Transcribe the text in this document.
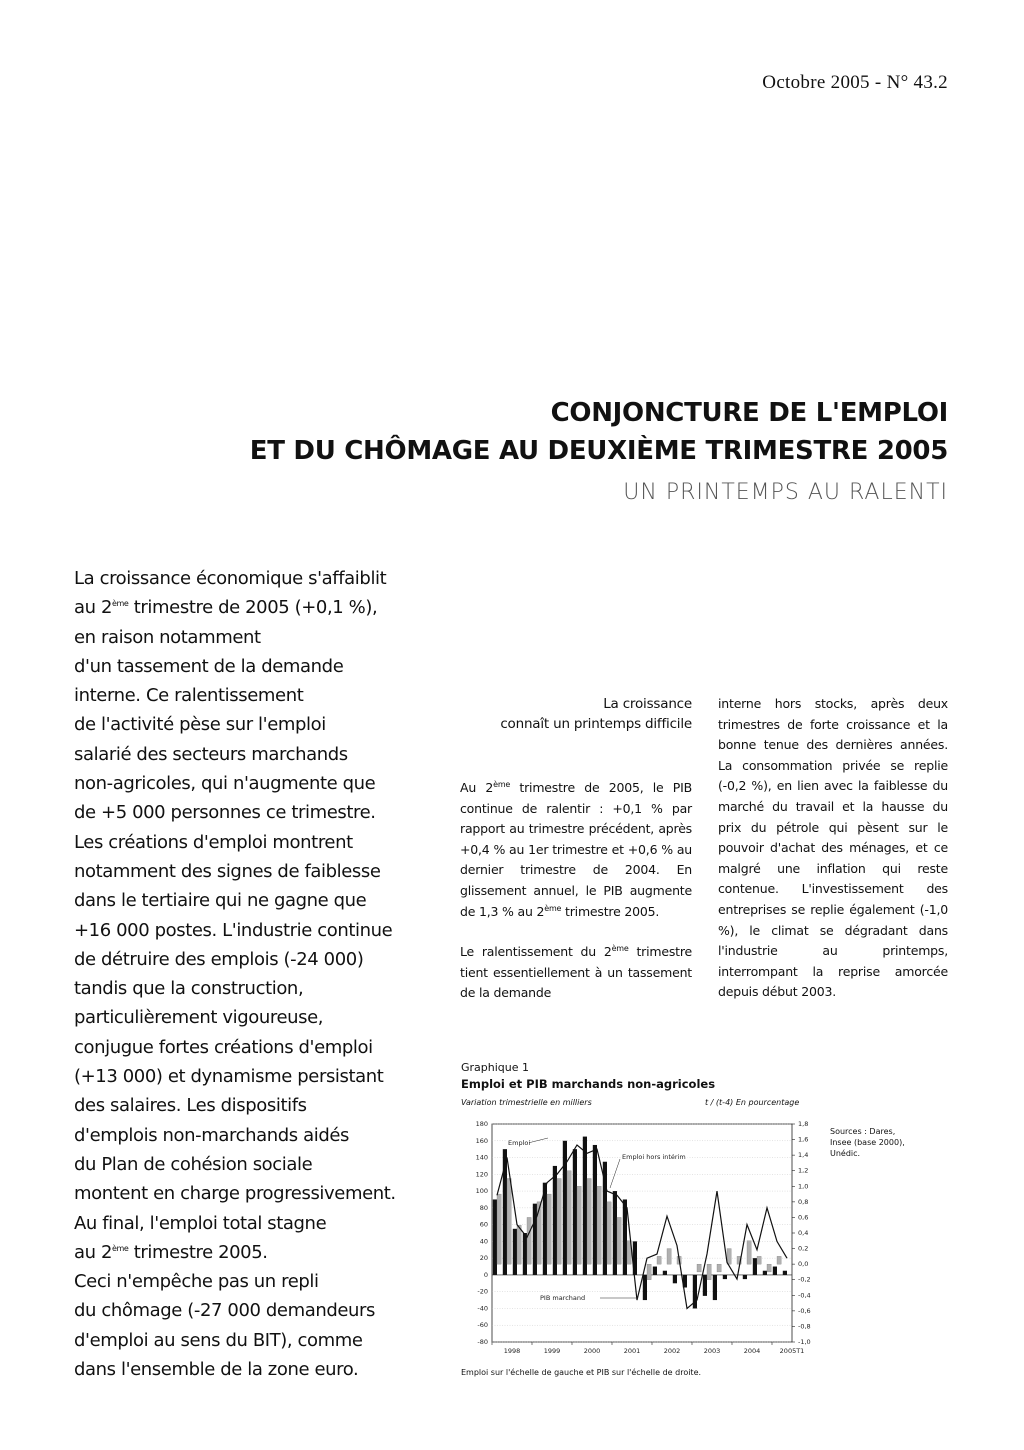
Octobre 2005 - N° 43.2
CONJONCTURE DE L'EMPLOI
ET DU CHÔMAGE AU DEUXIÈME TRIMESTRE 2005
UN PRINTEMPS AU RALENTI
La croissance économique s'affaiblit
au 2ème trimestre de 2005 (+0,1 %),
en raison notamment
d'un tassement de la demande
interne. Ce ralentissement
de l'activité pèse sur l'emploi
salarié des secteurs marchands
non-agricoles, qui n'augmente que
de +5 000 personnes ce trimestre.
Les créations d'emploi montrent
notamment des signes de faiblesse
dans le tertiaire qui ne gagne que
+16 000 postes. L'industrie continue
de détruire des emplois (-24 000)
tandis que la construction,
particulièrement vigoureuse,
conjugue fortes créations d'emploi
(+13 000) et dynamisme persistant
des salaires. Les dispositifs
d'emplois non-marchands aidés
du Plan de cohésion sociale
montent en charge progressivement.
Au final, l'emploi total stagne
au 2ème trimestre 2005.
Ceci n'empêche pas un repli
du chômage (-27 000 demandeurs
d'emploi au sens du BIT), comme
dans l'ensemble de la zone euro.
La croissance
connaît un printemps difficile

Au 2ème trimestre de 2005, le PIB continue de ralentir : +0,1 % par rapport au trimestre précédent, après +0,4 % au 1er trimestre et +0,6 % au dernier trimestre de 2004. En glissement annuel, le PIB augmente de 1,3 % au 2ème trimestre 2005.

Le ralentissement du 2ème trimestre tient essentiellement à un tassement de la demande

interne hors stocks, après deux trimestres de forte croissance et la bonne tenue des dernières années. La consommation privée se replie (-0,2 %), en lien avec la faiblesse du marché du travail et la hausse du prix du pétrole qui pèsent sur le pouvoir d'achat des ménages, et ce malgré une inflation qui reste contenue. L'investissement des entreprises se replie également (-1,0 %), le climat se dégradant dans l'industrie au printemps, interrompant la reprise amorcée depuis début 2003.

Graphique 1
Emploi et PIB marchands non-agricoles
Variation trimestrielle en milliers	t / (t-4) En pourcentage
Sources : Dares, Insee (base 2000), Unédic.
180
160
140
120
100
80
60
40
20
0
-20
-40
-60
-80
1,8
1,6
1,4
1,2
1,0
0,8
0,6
0,4
0,2
0,0
-0,2
-0,4
-0,6
-0,8
-1,0
1998	1999	2000	2001	2002	2003	2004	2005T1
Emploi
Emploi hors intérim
PIB marchand
Emploi sur l'échelle de gauche et PIB sur l'échelle de droite.
